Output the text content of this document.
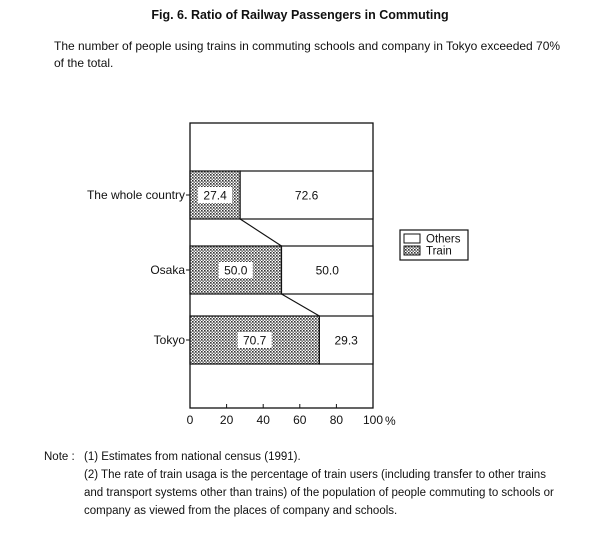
Fig. 6. Ratio of Railway Passengers in Commuting
The number of people using trains in commuting schools and company in Tokyo exceeded 70% of the total.
27.4	72.6
The whole country
50.0	50.0
Osaka
70.7	29.3
Tokyo
0 20 40 60 80 100 %
Others
Train
Note : (1) Estimates from national census (1991).
(2) The rate of train usaga is the percentage of train users (including transfer to other trains and transport systems other than trains) of the population of people commuting to schools or company as viewed from the places of company and schools.
